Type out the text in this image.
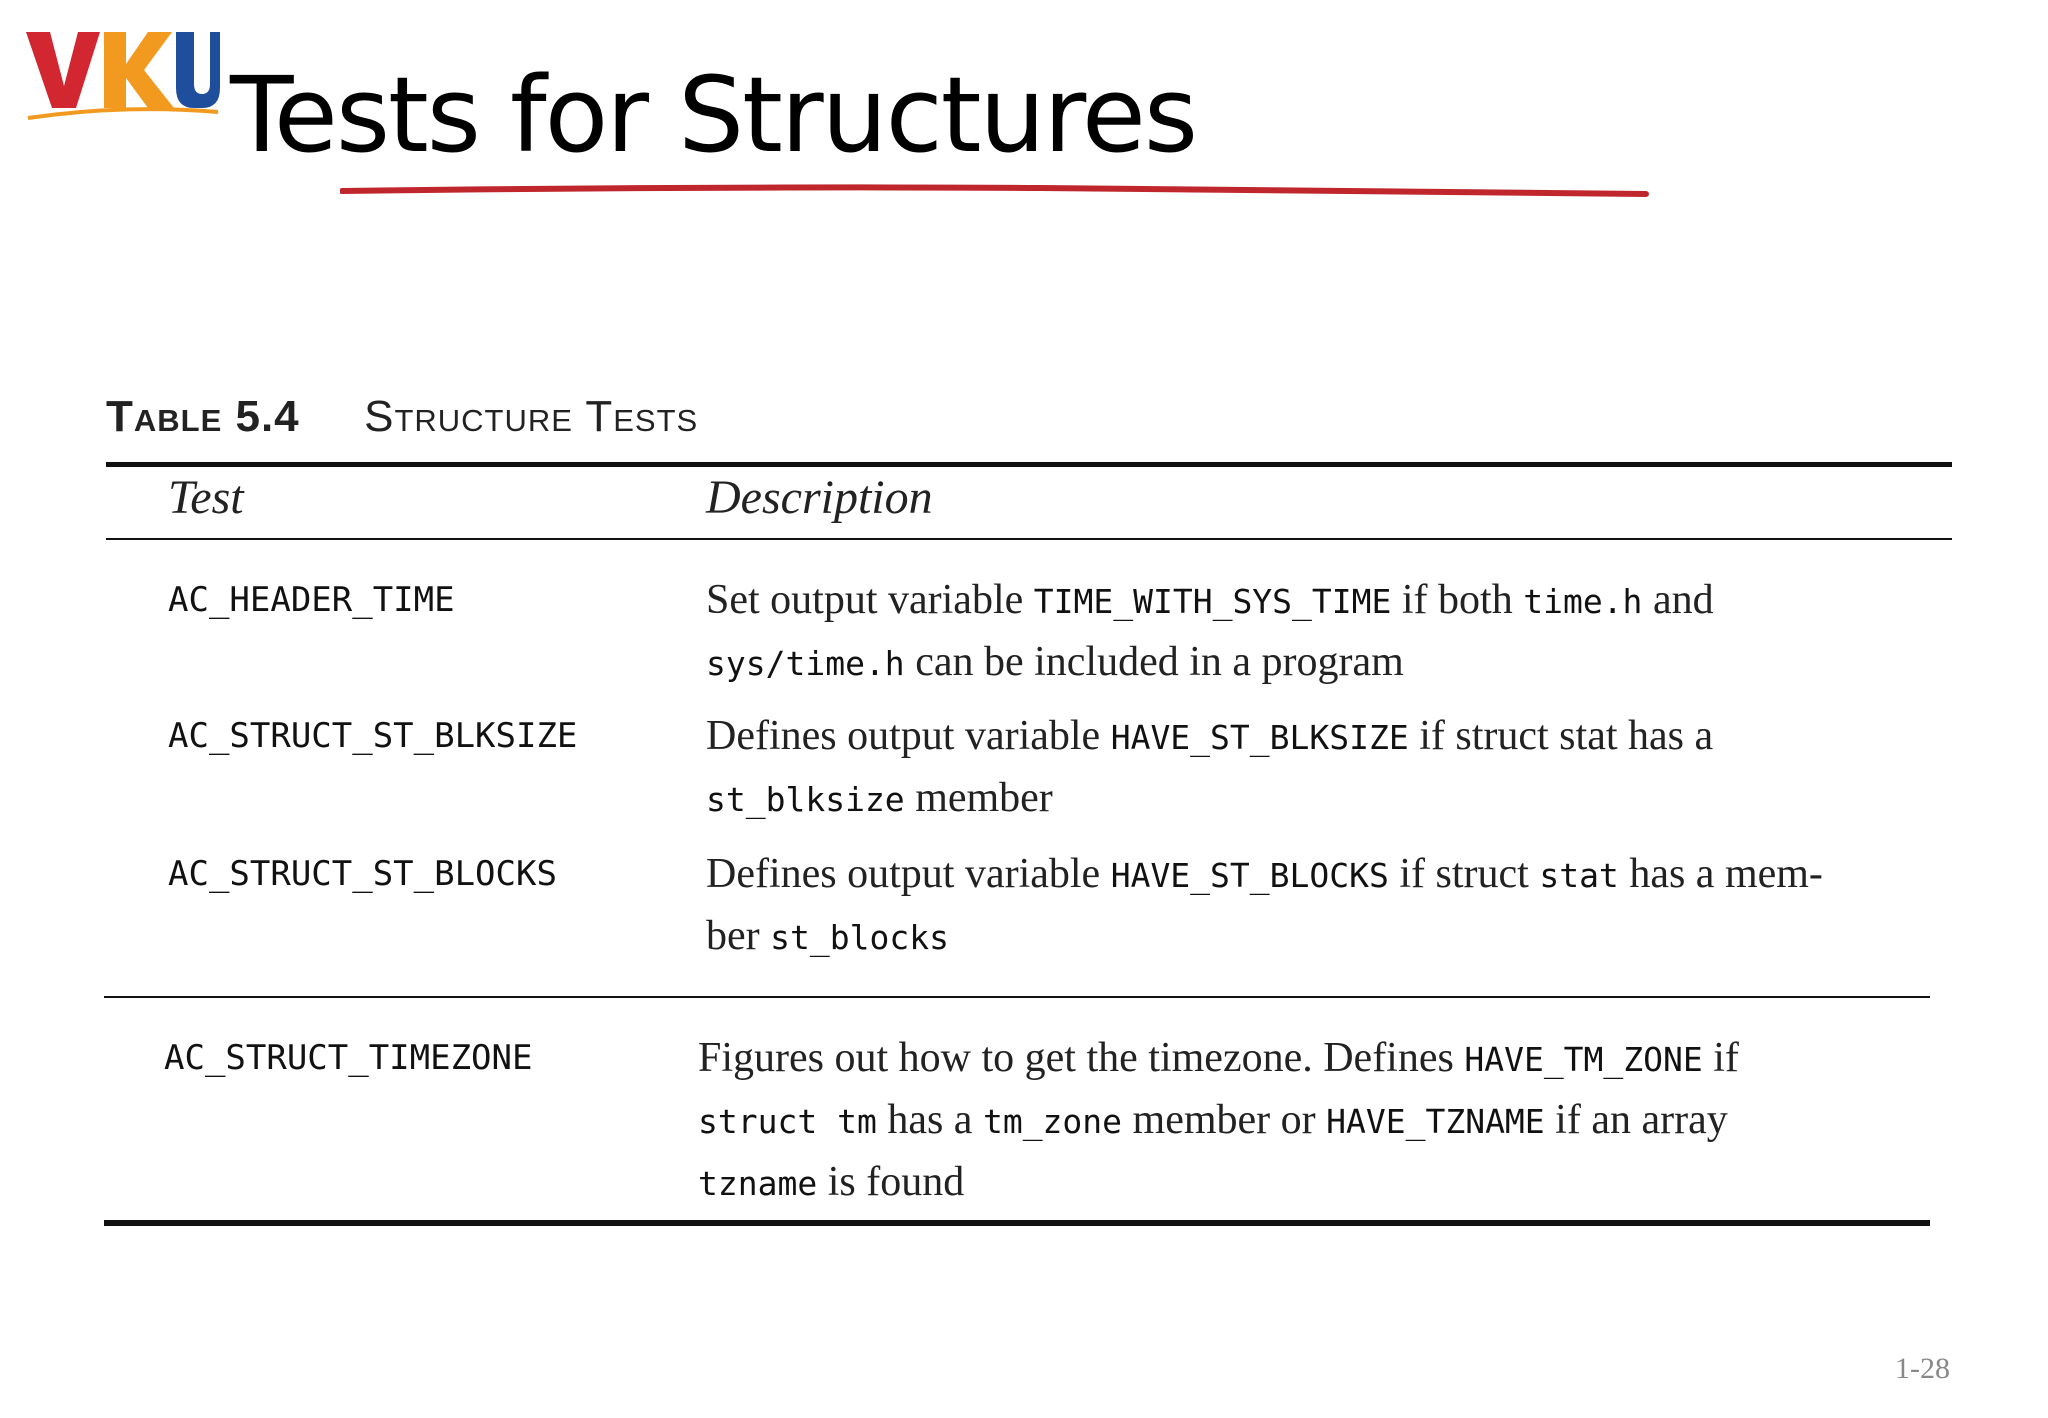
Tests for Structures
Table 5.4 Structure Tests
Test	Description
AC_HEADER_TIME	Set output variable TIME_WITH_SYS_TIME if both time.h and
sys/time.h can be included in a program
AC_STRUCT_ST_BLKSIZE	Defines output variable HAVE_ST_BLKSIZE if struct stat has a
st_blksize member
AC_STRUCT_ST_BLOCKS	Defines output variable HAVE_ST_BLOCKS if struct stat has a mem-
ber st_blocks
AC_STRUCT_TIMEZONE	Figures out how to get the timezone. Defines HAVE_TM_ZONE if
struct tm has a tm_zone member or HAVE_TZNAME if an array
tzname is found
1-28
